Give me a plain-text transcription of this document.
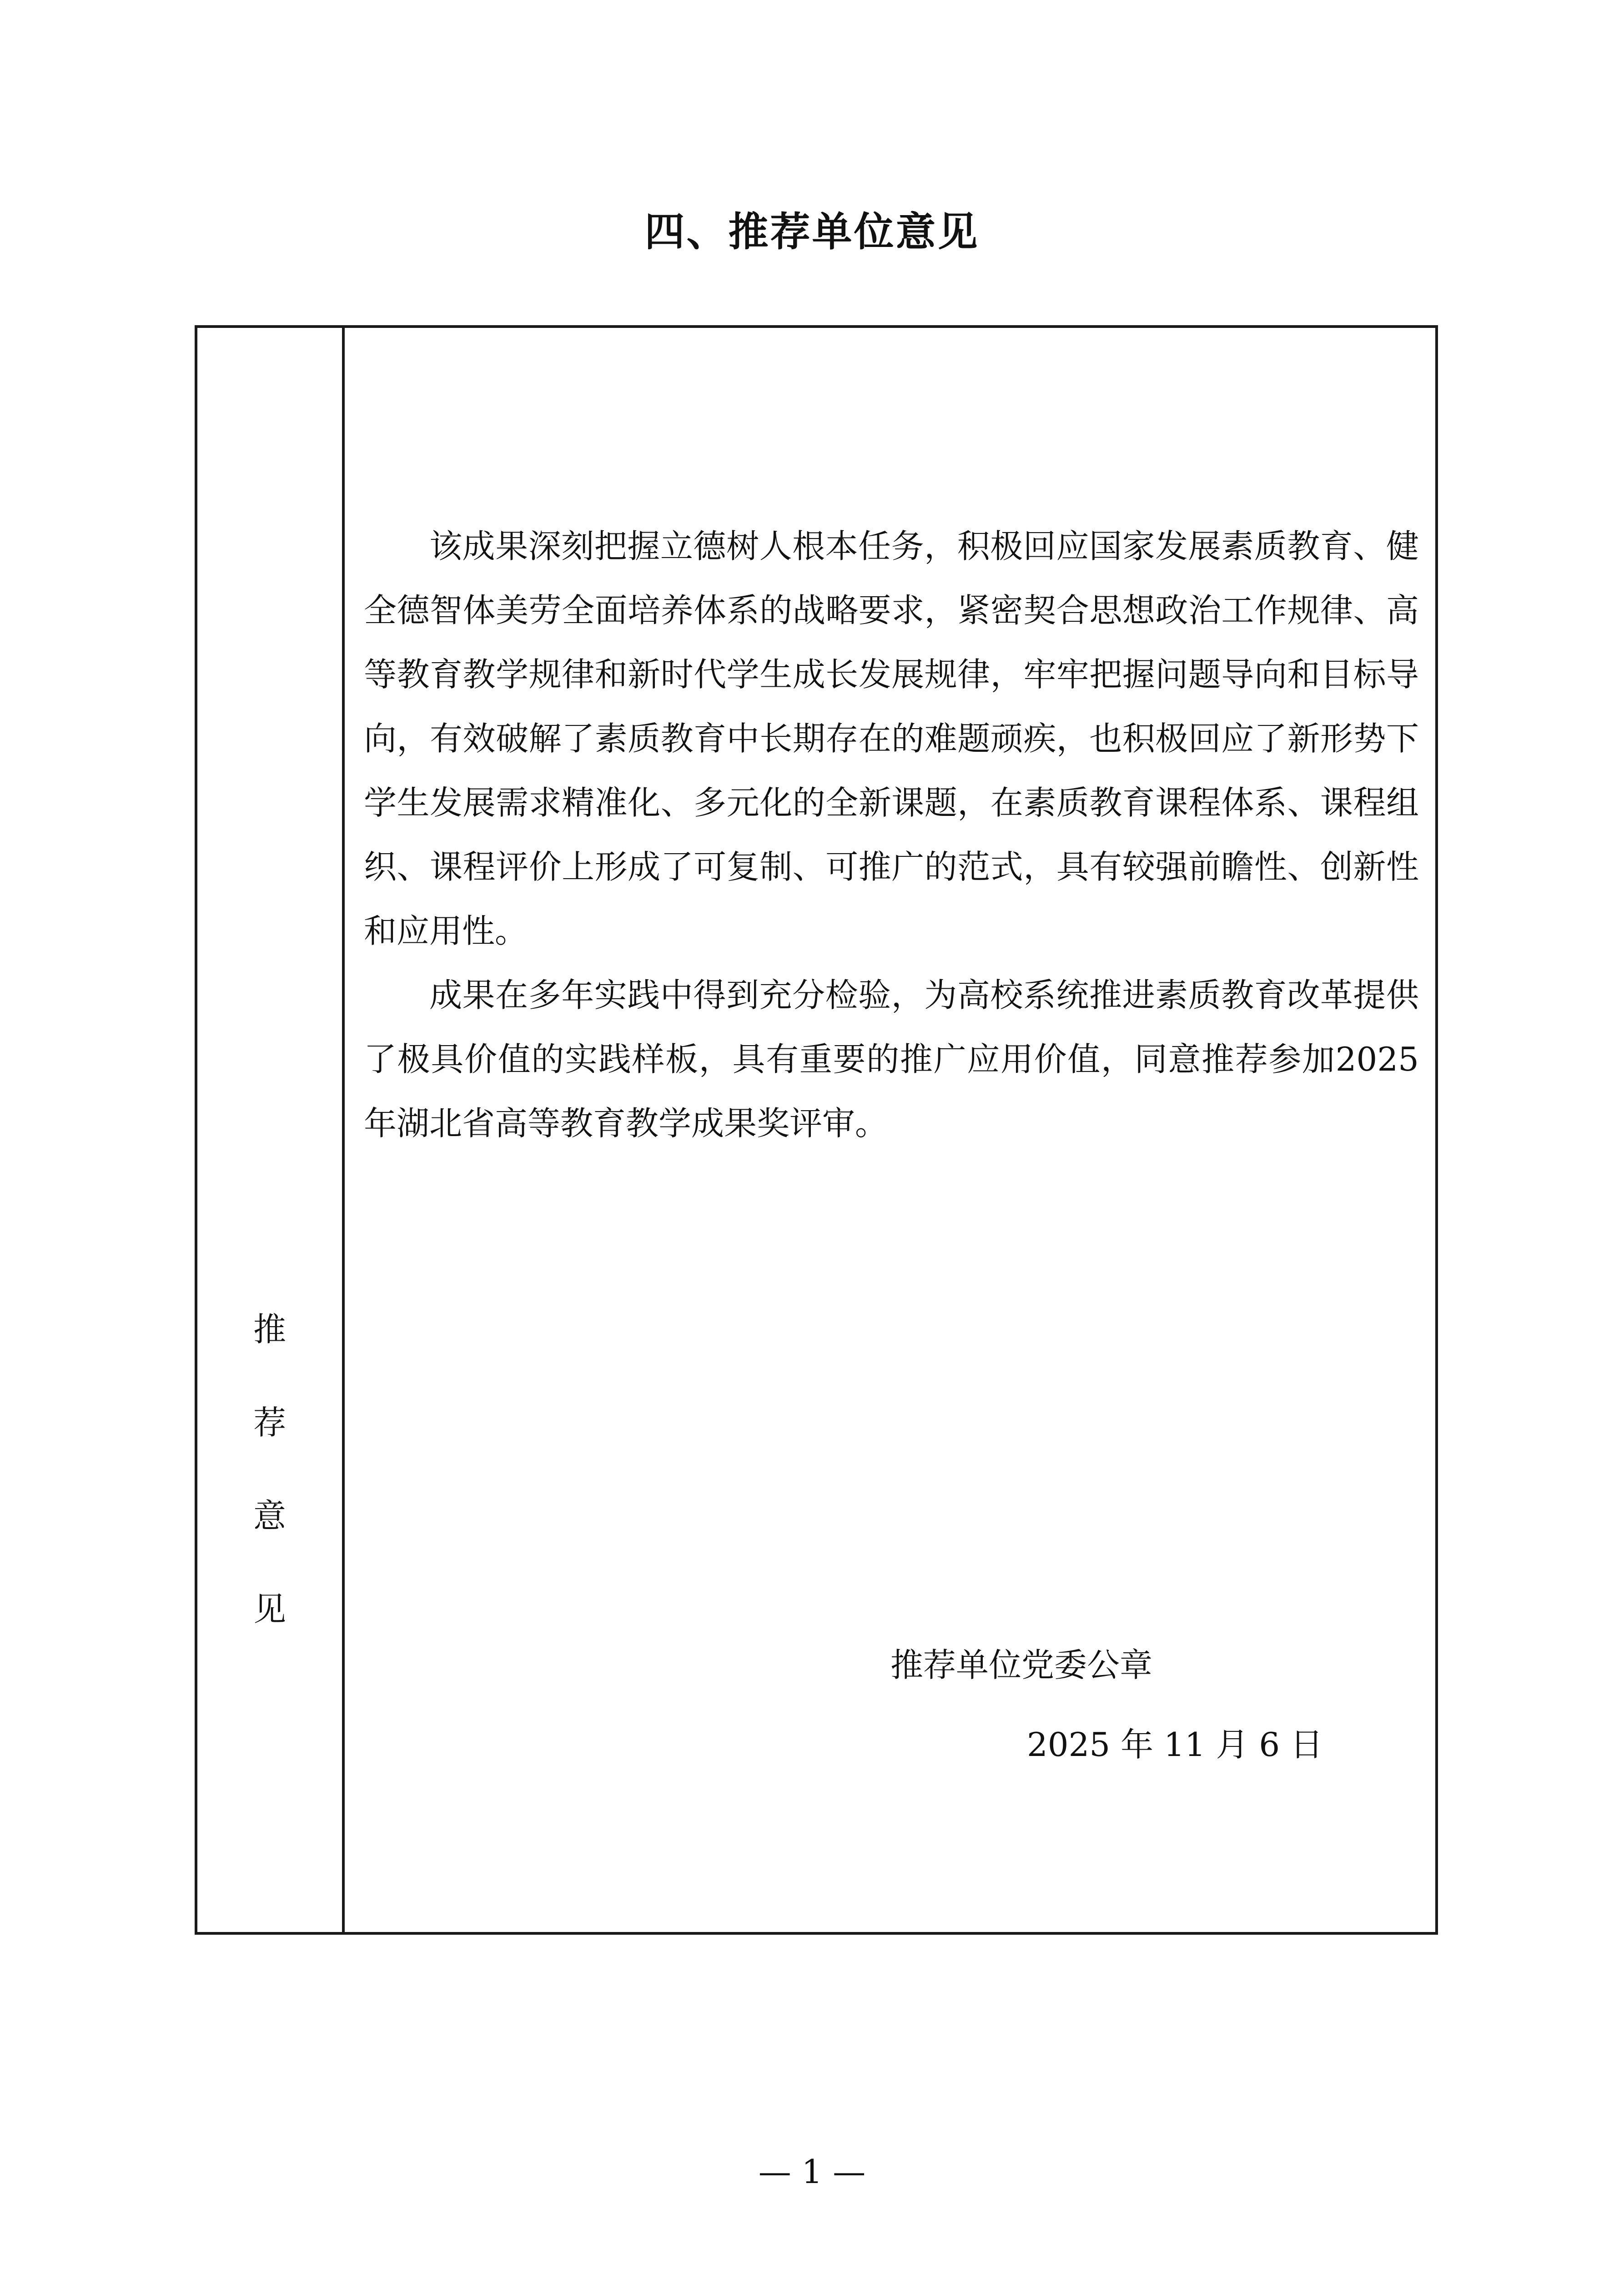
四、推荐单位意见
推
荐
意
见

该成果深刻把握立德树人根本任务，积极回应国家发展素质教育、健全德智体美劳全面培养体系的战略要求，紧密契合思想政治工作规律、高等教育教学规律和新时代学生成长发展规律，牢牢把握问题导向和目标导向，有效破解了素质教育中长期存在的难题顽疾，也积极回应了新形势下学生发展需求精准化、多元化的全新课题，在素质教育课程体系、课程组织、课程评价上形成了可复制、可推广的范式，具有较强前瞻性、创新性和应用性。

成果在多年实践中得到充分检验，为高校系统推进素质教育改革提供了极具价值的实践样板，具有重要的推广应用价值，同意推荐参加2025年湖北省高等教育教学成果奖评审。

推荐单位党委公章
2025 年 11 月 6 日
— 1 —
